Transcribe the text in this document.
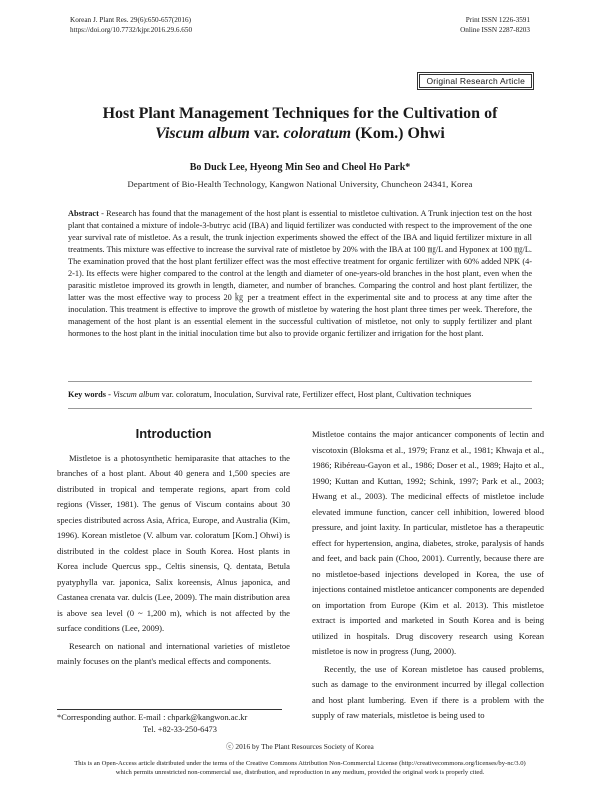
Korean J. Plant Res. 29(6):650-657(2016)
https://doi.org/10.7732/kjpr.2016.29.6.650
Print ISSN 1226-3591
Online ISSN 2287-8203
Original Research Article
Host Plant Management Techniques for the Cultivation of
Viscum album var. coloratum (Kom.) Ohwi
Bo Duck Lee, Hyeong Min Seo and Cheol Ho Park*
Department of Bio-Health Technology, Kangwon National University, Chuncheon 24341, Korea

Abstract - Research has found that the management of the host plant is essential to mistletoe cultivation. A Trunk injection test on the host plant that contained a mixture of indole-3-butryc acid (IBA) and liquid fertilizer was conducted with respect to the improvement of the one year survival rate of mistletoe. As a result, the trunk injection experiments showed the effect of the IBA and liquid fertilizer mixture in all treatments. This mixture was effective to increase the survival rate of mistletoe by 20% with the IBA at 100 ㎎/L and Hyponex at 100 ㎎/L. The examination proved that the host plant fertilizer effect was the most effective treatment for organic fertilizer with 60% added NPK (4-2-1). Its effects were higher compared to the control at the length and diameter of one-years-old branches in the host plant, even when the parasitic mistletoe improved its growth in length, diameter, and number of branches. Comparing the control and host plant fertilizer, the latter was the most effective way to process 20 ㎏ per a treatment effect in the experimental site and to process at any time after the inoculation. This treatment is effective to improve the growth of mistletoe by watering the host plant three times per week. Therefore, the management of the host plant is an essential element in the successful cultivation of mistletoe, not only to supply fertilizer and plant hormones to the host plant in the initial inoculation time but also to provide organic fertilizer and irrigation for the host plant.

Key words - Viscum album var. coloratum, Inoculation, Survival rate, Fertilizer effect, Host plant, Cultivation techniques

Introduction

Mistletoe is a photosynthetic hemiparasite that attaches to the branches of a host plant. About 40 genera and 1,500 species are distributed in tropical and temperate regions, apart from cold regions (Visser, 1981). The genus of Viscum contains about 30 species distributed across Asia, Africa, Europe, and Australia (Kim, 1996). Korean mistletoe (V. album var. coloratum [Kom.] Ohwi) is distributed in the coldest place in South Korea. Host plants in Korea include Quercus spp., Celtis sinensis, Q. dentata, Betula pyatyphylla var. japonica, Salix koreensis, Alnus japonica, and Castanea crenata var. dulcis (Lee, 2009). The main distribution area is above sea level (0 ~ 1,200 m), which is not affected by the surface conditions (Lee, 2009).

Research on national and international varieties of mistletoe mainly focuses on the plant's medical effects and components.

*Corresponding author. E-mail : chpark@kangwon.ac.kr
Tel. +82-33-250-6473

Mistletoe contains the major anticancer components of lectin and viscotoxin (Bloksma et al., 1979; Franz et al., 1981; Khwaja et al., 1986; Ribéreau-Gayon et al., 1986; Doser et al., 1989; Hajto et al., 1990; Kuttan and Kuttan, 1992; Schink, 1997; Park et al., 2003; Hwang et al., 2003). The medicinal effects of mistletoe include elevated immune function, cancer cell inhibition, lowered blood pressure, and joint laxity. In particular, mistletoe has a therapeutic effect for hypertension, angina, diabetes, stroke, paralysis of hands and feet, and back pain (Choo, 2001). Currently, because there are no mistletoe-based injections developed in Korea, the use of injections contained mistletoe anticancer components are depended on importation from Europe (Kim et al. 2013). This mistletoe extract is imported and marketed in South Korea and is being utilized in hospitals. Drug discovery research using Korean mistletoe is now in progress (Jung, 2000).

Recently, the use of Korean mistletoe has caused problems, such as damage to the environment incurred by illegal collection and host plant lumbering. Even if there is a problem with the supply of raw materials, mistletoe is being used to

ⓒ 2016 by The Plant Resources Society of Korea
This is an Open-Access article distributed under the terms of the Creative Commons Attribution Non-Commercial License (http://creativecommons.org/licenses/by-nc/3.0)
which permits unrestricted non-commercial use, distribution, and reproduction in any medium, provided the original work is properly cited.
